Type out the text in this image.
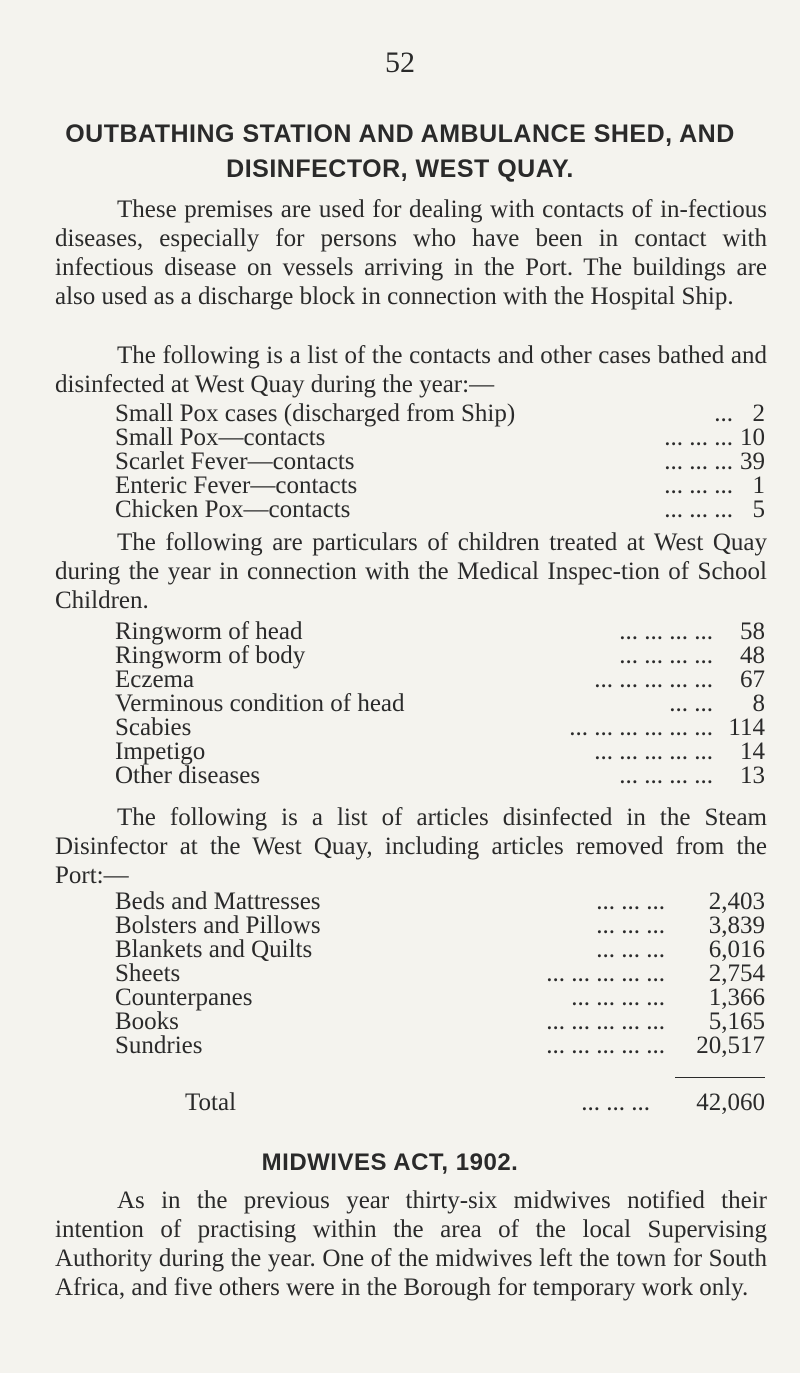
52
OUTBATHING STATION AND AMBULANCE SHED, AND
DISINFECTOR, WEST QUAY.
These premises are used for dealing with contacts of in-fectious diseases, especially for persons who have been in contact with infectious disease on vessels arriving in the Port. The buildings are also used as a discharge block in connection with the Hospital Ship.
The following is a list of the contacts and other cases bathed and disinfected at West Quay during the year:—
Small Pox cases (discharged from Ship)	... 2
Small Pox—contacts	... ... ... 10
Scarlet Fever—contacts	... ... ... 39
Enteric Fever—contacts	... ... ... 1
Chicken Pox—contacts	... ... ... 5
The following are particulars of children treated at West Quay during the year in connection with the Medical Inspec-tion of School Children.
Ringworm of head	... ... ... ... 58
Ringworm of body	... ... ... ... 48
Eczema	... ... ... ... ... 67
Verminous condition of head	... ... 8
Scabies	... ... ... ... ... ... 114
Impetigo	... ... ... ... ... 14
Other diseases	... ... ... ... 13
The following is a list of articles disinfected in the Steam Disinfector at the West Quay, including articles removed from the Port:—
Beds and Mattresses	... ... ... 2,403
Bolsters and Pillows	... ... ... 3,839
Blankets and Quilts	... ... ... 6,016
Sheets	... ... ... ... ... 2,754
Counterpanes	... ... ... ... 1,366
Books	... ... ... ... ... 5,165
Sundries	... ... ... ... ... 20,517
Total	... ... ... 42,060
MIDWIVES ACT, 1902.
As in the previous year thirty-six midwives notified their intention of practising within the area of the local Supervising Authority during the year. One of the midwives left the town for South Africa, and five others were in the Borough for temporary work only.
